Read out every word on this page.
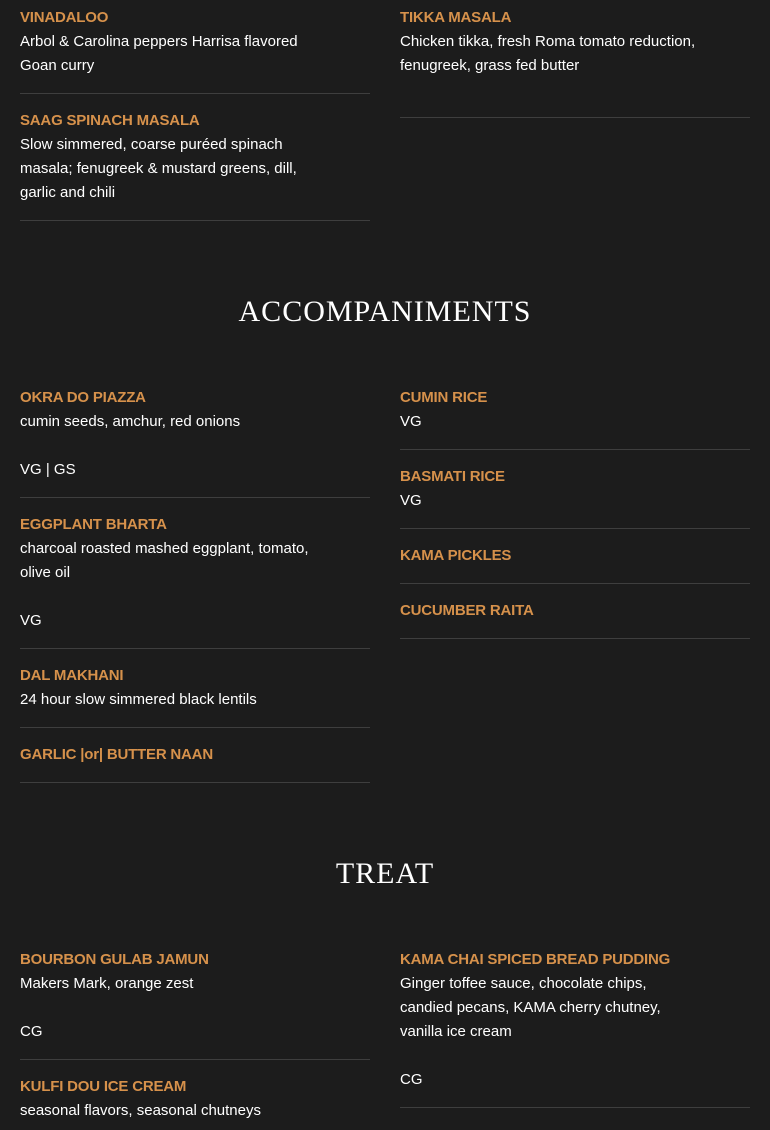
VINADALOO
Arbol & Carolina peppers Harrisa flavored Goan curry
TIKKA MASALA
Chicken tikka, fresh Roma tomato reduction, fenugreek, grass fed butter
SAAG SPINACH MASALA
Slow simmered, coarse puréed spinach masala; fenugreek & mustard greens, dill, garlic and chili
ACCOMPANIMENTS
OKRA DO PIAZZA
cumin seeds, amchur, red onions
VG | GS
EGGPLANT BHARTA
charcoal roasted mashed eggplant, tomato, olive oil
VG
DAL MAKHANI
24 hour slow simmered black lentils
GARLIC |or| BUTTER NAAN
CUMIN RICE
VG
BASMATI RICE
VG
KAMA PICKLES
CUCUMBER RAITA
TREAT
BOURBON GULAB JAMUN
Makers Mark, orange zest
CG
KAMA CHAI SPICED BREAD PUDDING
Ginger toffee sauce, chocolate chips, candied pecans, KAMA cherry chutney, vanilla ice cream
CG
KULFI DOU ICE CREAM
seasonal flavors, seasonal chutneys
